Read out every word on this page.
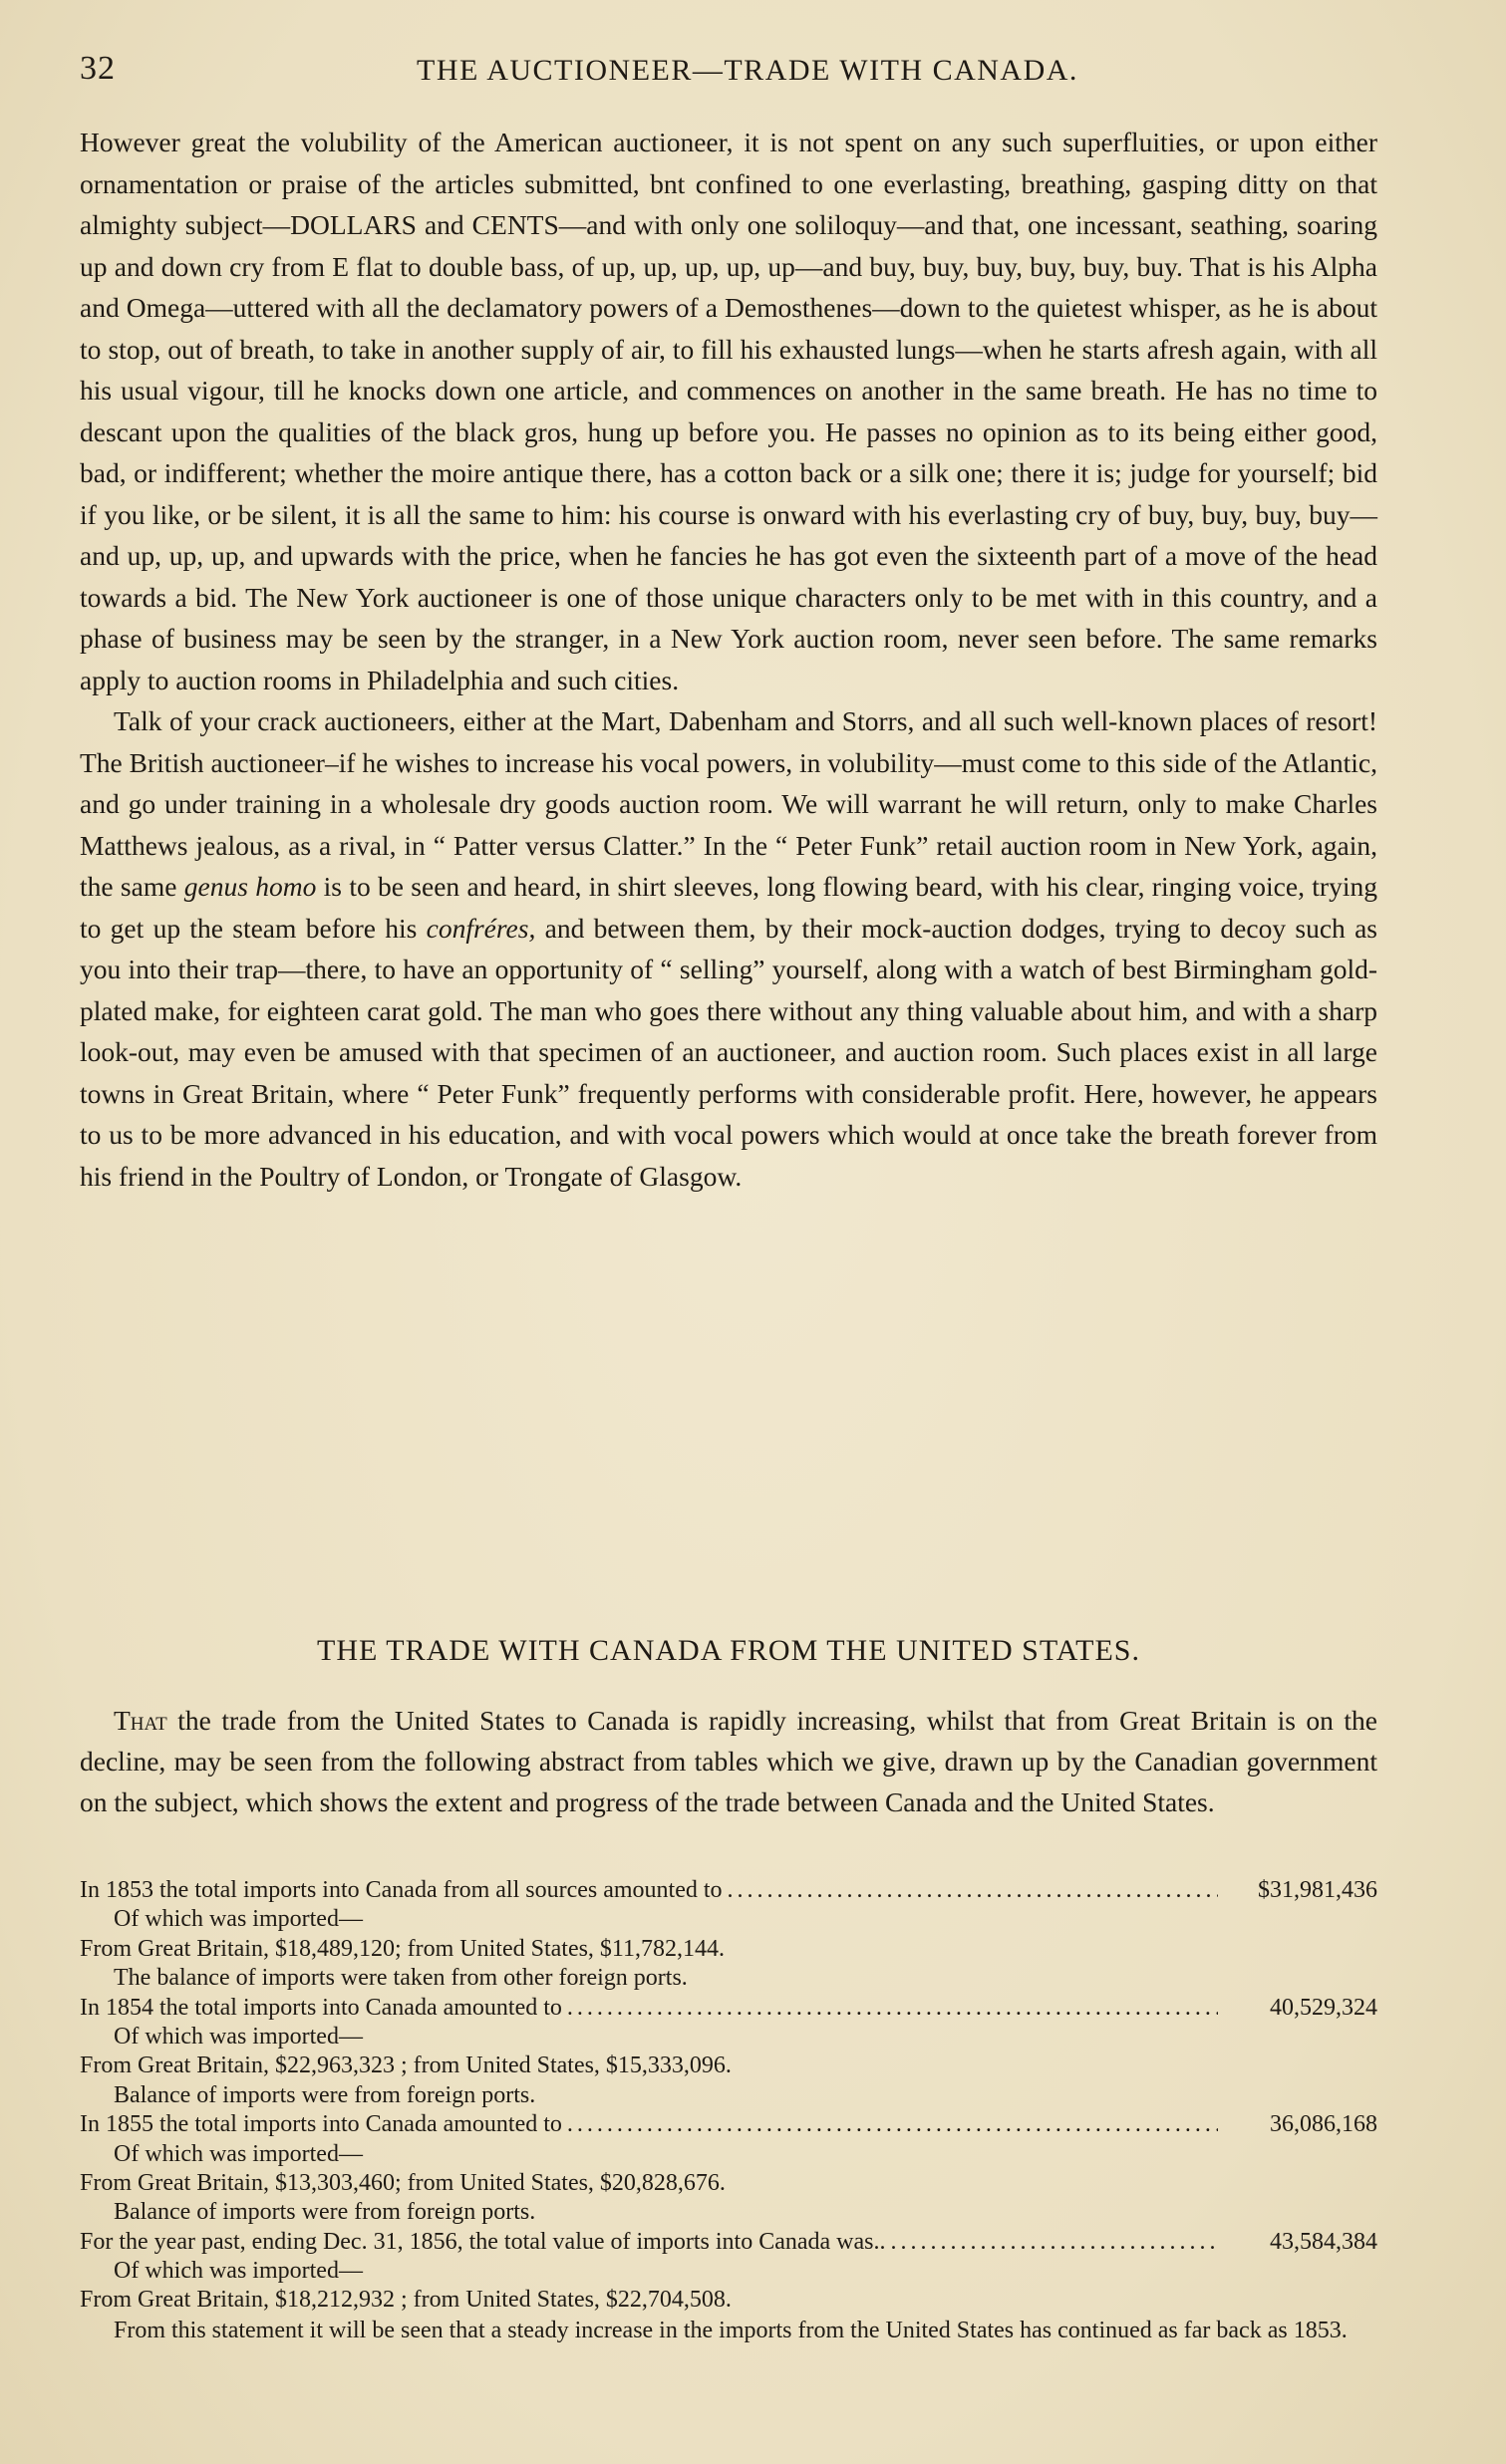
THE AUCTIONEER—TRADE WITH CANADA.
32

However great the volubility of the American auctioneer, it is not spent on any such superfluities, or upon either ornamentation or praise of the articles submitted, bnt confined to one everlasting, breathing, gasping ditty on that almighty subject—DOLLARS and CENTS—and with only one soliloquy—and that, one incessant, seathing, soaring up and down cry from E flat to double bass, of up, up, up, up, up—and buy, buy, buy, buy, buy, buy. That is his Alpha and Omega—uttered with all the declamatory powers of a Demosthenes—down to the quietest whisper, as he is about to stop, out of breath, to take in another supply of air, to fill his exhausted lungs—when he starts afresh again, with all his usual vigour, till he knocks down one article, and commences on another in the same breath. He has no time to descant upon the qualities of the black gros, hung up before you. He passes no opinion as to its being either good, bad, or indifferent; whether the moire antique there, has a cotton back or a silk one; there it is; judge for yourself; bid if you like, or be silent, it is all the same to him: his course is onward with his everlasting cry of buy, buy, buy, buy—and up, up, up, and upwards with the price, when he fancies he has got even the sixteenth part of a move of the head towards a bid. The New York auctioneer is one of those unique characters only to be met with in this country, and a phase of business may be seen by the stranger, in a New York auction room, never seen before. The same remarks apply to auction rooms in Philadelphia and such cities.

Talk of your crack auctioneers, either at the Mart, Dabenham and Storrs, and all such well-known places of resort! The British auctioneer–if he wishes to increase his vocal powers, in volubility—must come to this side of the Atlantic, and go under training in a wholesale dry goods auction room. We will warrant he will return, only to make Charles Matthews jealous, as a rival, in “ Patter versus Clatter.” In the “ Peter Funk” retail auction room in New York, again, the same genus homo is to be seen and heard, in shirt sleeves, long flowing beard, with his clear, ringing voice, trying to get up the steam before his confréres, and between them, by their mock-auction dodges, trying to decoy such as you into their trap—there, to have an opportunity of “ selling” yourself, along with a watch of best Birmingham gold-plated make, for eighteen carat gold. The man who goes there without any thing valuable about him, and with a sharp look-out, may even be amused with that specimen of an auctioneer, and auction room. Such places exist in all large towns in Great Britain, where “ Peter Funk” frequently performs with considerable profit. Here, however, he appears to us to be more advanced in his education, and with vocal powers which would at once take the breath forever from his friend in the Poultry of London, or Trongate of Glasgow.

THE TRADE WITH CANADA FROM THE UNITED STATES.
That the trade from the United States to Canada is rapidly increasing, whilst that from Great Britain is on the decline, may be seen from the following abstract from tables which we give, drawn up by the Canadian government on the subject, which shows the extent and progress of the trade between Canada and the United States.
In 1853 the total imports into Canada from all sources amounted to . . .	$31,981,436
Of which was imported—
From Great Britain, $18,489,120; from United States, $11,782,144.
The balance of imports were taken from other foreign ports.
In 1854 the total imports into Canada amounted to . . .	40,529,324
Of which was imported—
From Great Britain, $22,963,323 ; from United States, $15,333,096.
Balance of imports were from foreign ports.
In 1855 the total imports into Canada amounted to . . .	36,086,168
Of which was imported—
From Great Britain, $13,303,460; from United States, $20,828,676.
Balance of imports were from foreign ports.
For the year past, ending Dec. 31, 1856, the total value of imports into Canada was.. . . .	43,584,384
Of which was imported—
From Great Britain, $18,212,932 ; from United States, $22,704,508.

From this statement it will be seen that a steady increase in the imports from the United States has continued as far back as 1853.
